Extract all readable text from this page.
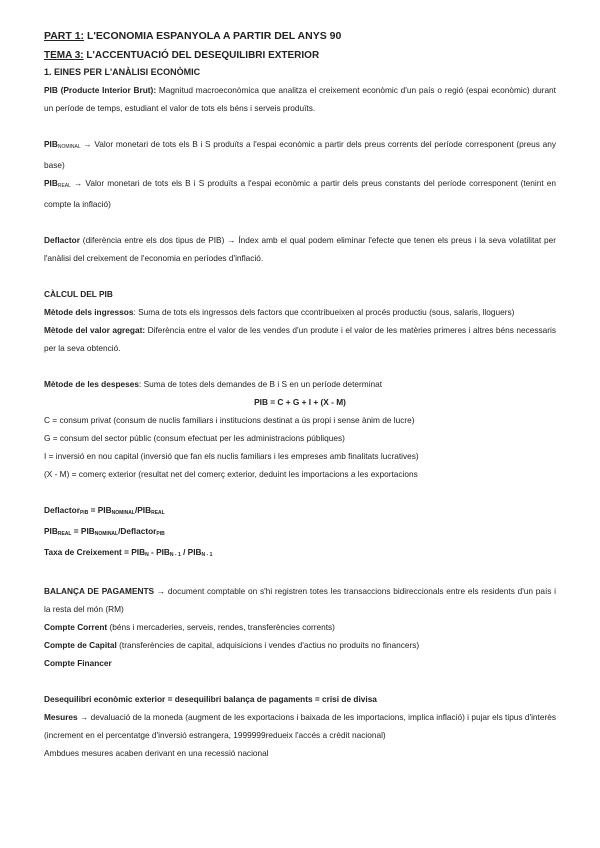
PART 1: L'ECONOMIA ESPANYOLA A PARTIR DEL ANYS 90
TEMA 3: L'ACCENTUACIÓ DEL DESEQUILIBRI EXTERIOR
1. EINES PER L'ANÀLISI ECONÒMIC

PIB (Producte Interior Brut): Magnitud macroeconòmica que analitza el creixement econòmic d'un país o regió (espai econòmic) durant un període de temps, estudiant el valor de tots els béns i serveis produïts.

$PIB_{NOMINAL}$ → Valor monetari de tots els B i S produïts a l'espai econòmic a partir dels preus corrents del període corresponent (preus any base)

$PIB_{REAL}$ → Valor monetari de tots els B i S produïts a l'espai econòmic a partir dels preus constants del període corresponent (tenint en compte la inflació)

Deflactor (diferència entre els dos tipus de PIB) → Índex amb el qual podem eliminar l'efecte que tenen els preus i la seva volatilitat per l'anàlisi del creixement de l'economia en períodes d'inflació.

CÀLCUL DEL PIB

Mètode dels ingressos: Suma de tots els ingressos dels factors que ccontribueixen al procés productiu (sous, salaris, lloguers)

Mètode del valor agregat: Diferència entre el valor de les vendes d'un produte i el valor de les matèries primeres i altres béns necessaris per la seva obtenció.

Mètode de les despeses: Suma de totes dels demandes de B i S en un període determinat

PIB = C + G + I + (X - M)

C = consum privat (consum de nuclis familiars i institucions destinat a ús propi i sense ànim de lucre)

G = consum del sector públic (consum efectuat per les administracions públiques)

I = inversió en nou capital (inversió que fan els nuclis familiars i les empreses amb finalitats lucratives)

(X - M) = comerç exterior (resultat net del comerç exterior, deduint les importacions a les exportacions

Deflactor$_{PIB}$ = $PIB_{NOMINAL}/PIB_{REAL}$

$PIB_{REAL}$ = $PIB_{NOMINAL}/Deflactor_{PIB}$

Taxa de Creixement = $PIB_N - PIB_{N - 1} / PIB_{N - 1}$

BALANÇA DE PAGAMENTS → document comptable on s'hi registren totes les transaccions bidireccionals entre els residents d'un país i la resta del món (RM)

Compte Corrent (béns i mercaderies, serveis, rendes, transferències corrents)

Compte de Capital (transferències de capital, adquisicions i vendes d'actius no produits no financers)

Compte Financer

Desequilibri econòmic exterior = desequilibri balança de pagaments = crisi de divisa

Mesures → devaluació de la moneda (augment de les exportacions i baixada de les importacions, implica inflació) i pujar els tipus d'interès (increment en el percentatge d'inversió estrangera, 1999999redueix l'accés a crèdit nacional)

Ambdues mesures acaben derivant en una recessió nacional
